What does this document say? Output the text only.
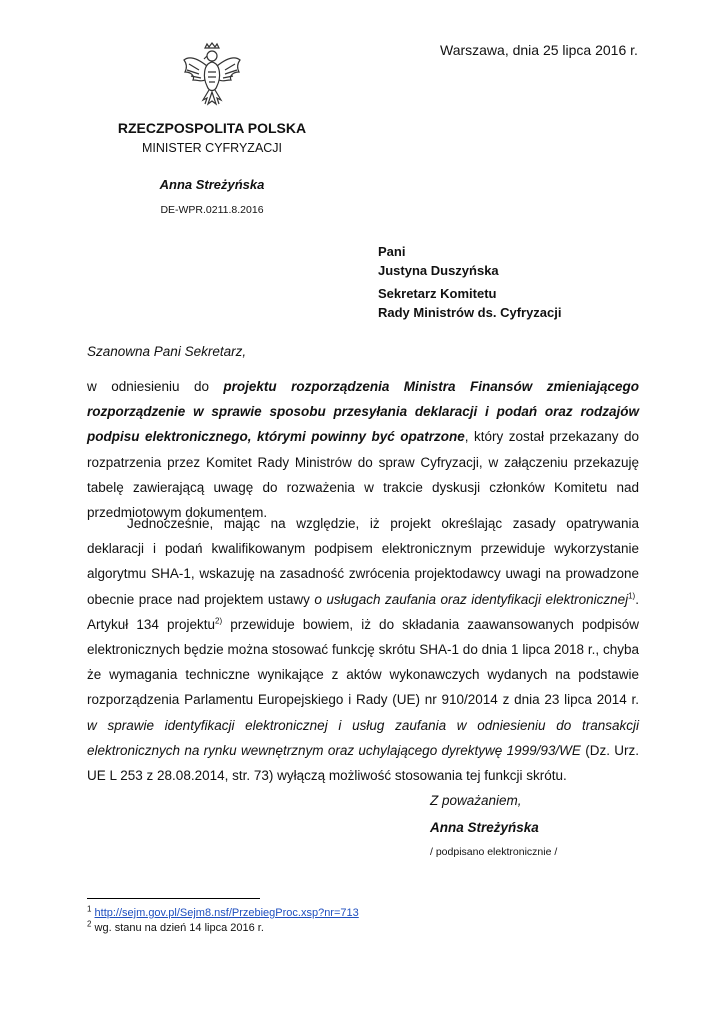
Warszawa, dnia 25 lipca 2016 r.
RZECZPOSPOLITA POLSKA
MINISTER CYFRYZACJI
Anna Streżyńska
DE-WPR.0211.8.2016
Pani
Justyna Duszyńska
Sekretarz Komitetu
Rady Ministrów ds. Cyfryzacji
Szanowna Pani Sekretarz,
w odniesieniu do projektu rozporządzenia Ministra Finansów zmieniającego rozporządzenie w sprawie sposobu przesyłania deklaracji i podań oraz rodzajów podpisu elektronicznego, którymi powinny być opatrzone, który został przekazany do rozpatrzenia przez Komitet Rady Ministrów do spraw Cyfryzacji, w załączeniu przekazuję tabelę zawierającą uwagę do rozważenia w trakcie dyskusji członków Komitetu nad przedmiotowym dokumentem.
Jednocześnie, mając na względzie, iż projekt określając zasady opatrywania deklaracji i podań kwalifikowanym podpisem elektronicznym przewiduje wykorzystanie algorytmu SHA-1, wskazuję na zasadność zwrócenia projektodawcy uwagi na prowadzone obecnie prace nad projektem ustawy o usługach zaufania oraz identyfikacji elektronicznej$^{1)}$. Artykuł 134 projektu$^{2)}$ przewiduje bowiem, iż do składania zaawansowanych podpisów elektronicznych będzie można stosować funkcję skrótu SHA-1 do dnia 1 lipca 2018 r., chyba że wymagania techniczne wynikające z aktów wykonawczych wydanych na podstawie rozporządzenia Parlamentu Europejskiego i Rady (UE) nr 910/2014 z dnia 23 lipca 2014 r. w sprawie identyfikacji elektronicznej i usług zaufania w odniesieniu do transakcji elektronicznych na rynku wewnętrznym oraz uchylającego dyrektywę 1999/93/WE (Dz. Urz. UE L 253 z 28.08.2014, str. 73) wyłączą możliwość stosowania tej funkcji skrótu.
Z poważaniem,
Anna Streżyńska
/ podpisano elektronicznie /
$^1$ http://sejm.gov.pl/Sejm8.nsf/PrzebiegProc.xsp?nr=713
$^2$ wg. stanu na dzień 14 lipca 2016 r.
